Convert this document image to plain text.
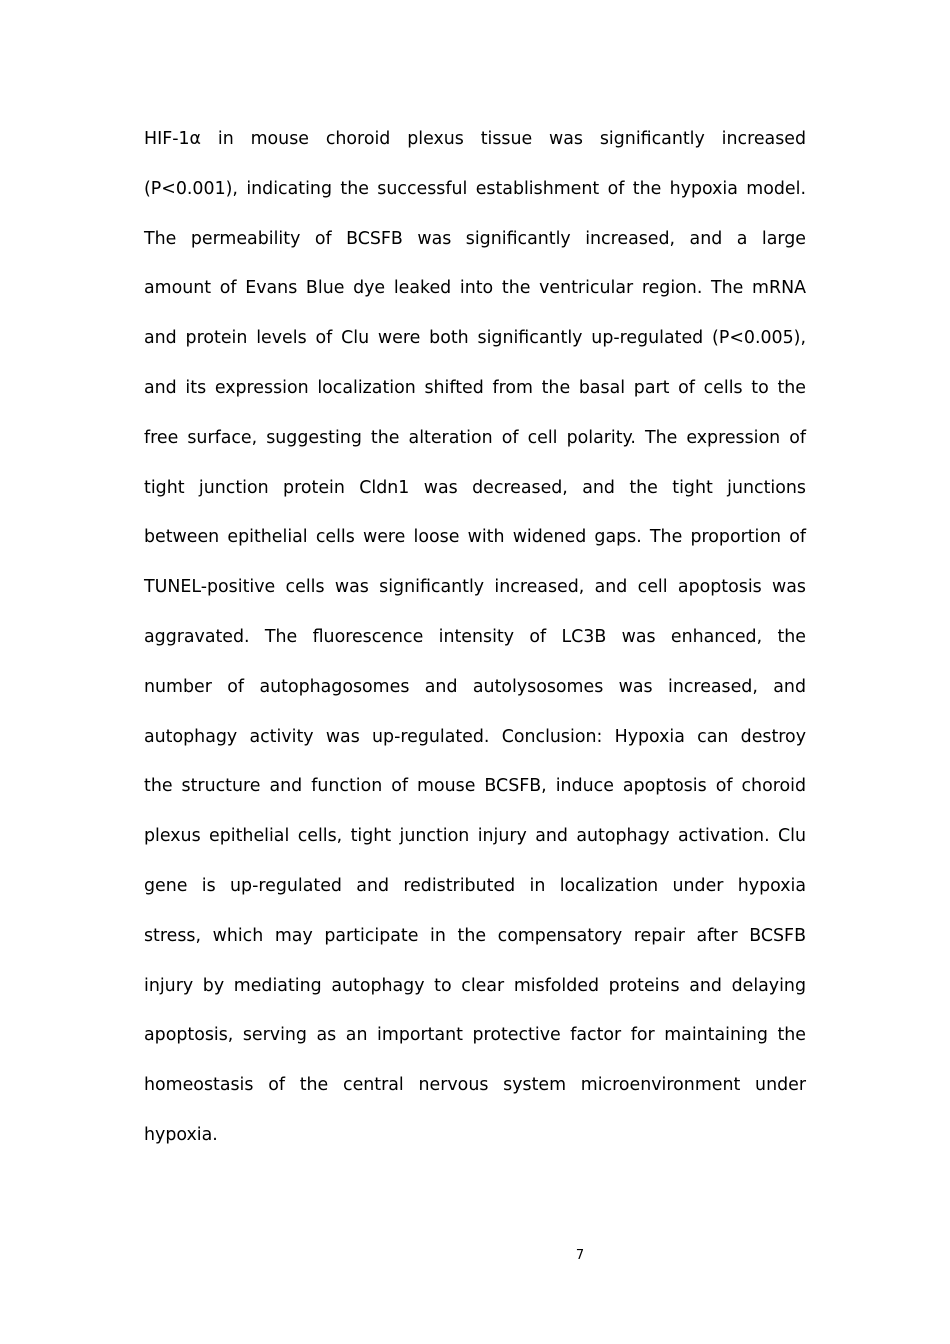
HIF-1α in mouse choroid plexus tissue was significantly increased
(P<0.001), indicating the successful establishment of the hypoxia model.
The permeability of BCSFB was significantly increased, and a large
amount of Evans Blue dye leaked into the ventricular region. The mRNA
and protein levels of Clu were both significantly up-regulated (P<0.005),
and its expression localization shifted from the basal part of cells to the
free surface, suggesting the alteration of cell polarity. The expression of
tight junction protein Cldn1 was decreased, and the tight junctions
between epithelial cells were loose with widened gaps. The proportion of
TUNEL-positive cells was significantly increased, and cell apoptosis was
aggravated. The fluorescence intensity of LC3B was enhanced, the
number of autophagosomes and autolysosomes was increased, and
autophagy activity was up-regulated. Conclusion: Hypoxia can destroy
the structure and function of mouse BCSFB, induce apoptosis of choroid
plexus epithelial cells, tight junction injury and autophagy activation. Clu
gene is up-regulated and redistributed in localization under hypoxia
stress, which may participate in the compensatory repair after BCSFB
injury by mediating autophagy to clear misfolded proteins and delaying
apoptosis, serving as an important protective factor for maintaining the
homeostasis of the central nervous system microenvironment under
hypoxia.
7
